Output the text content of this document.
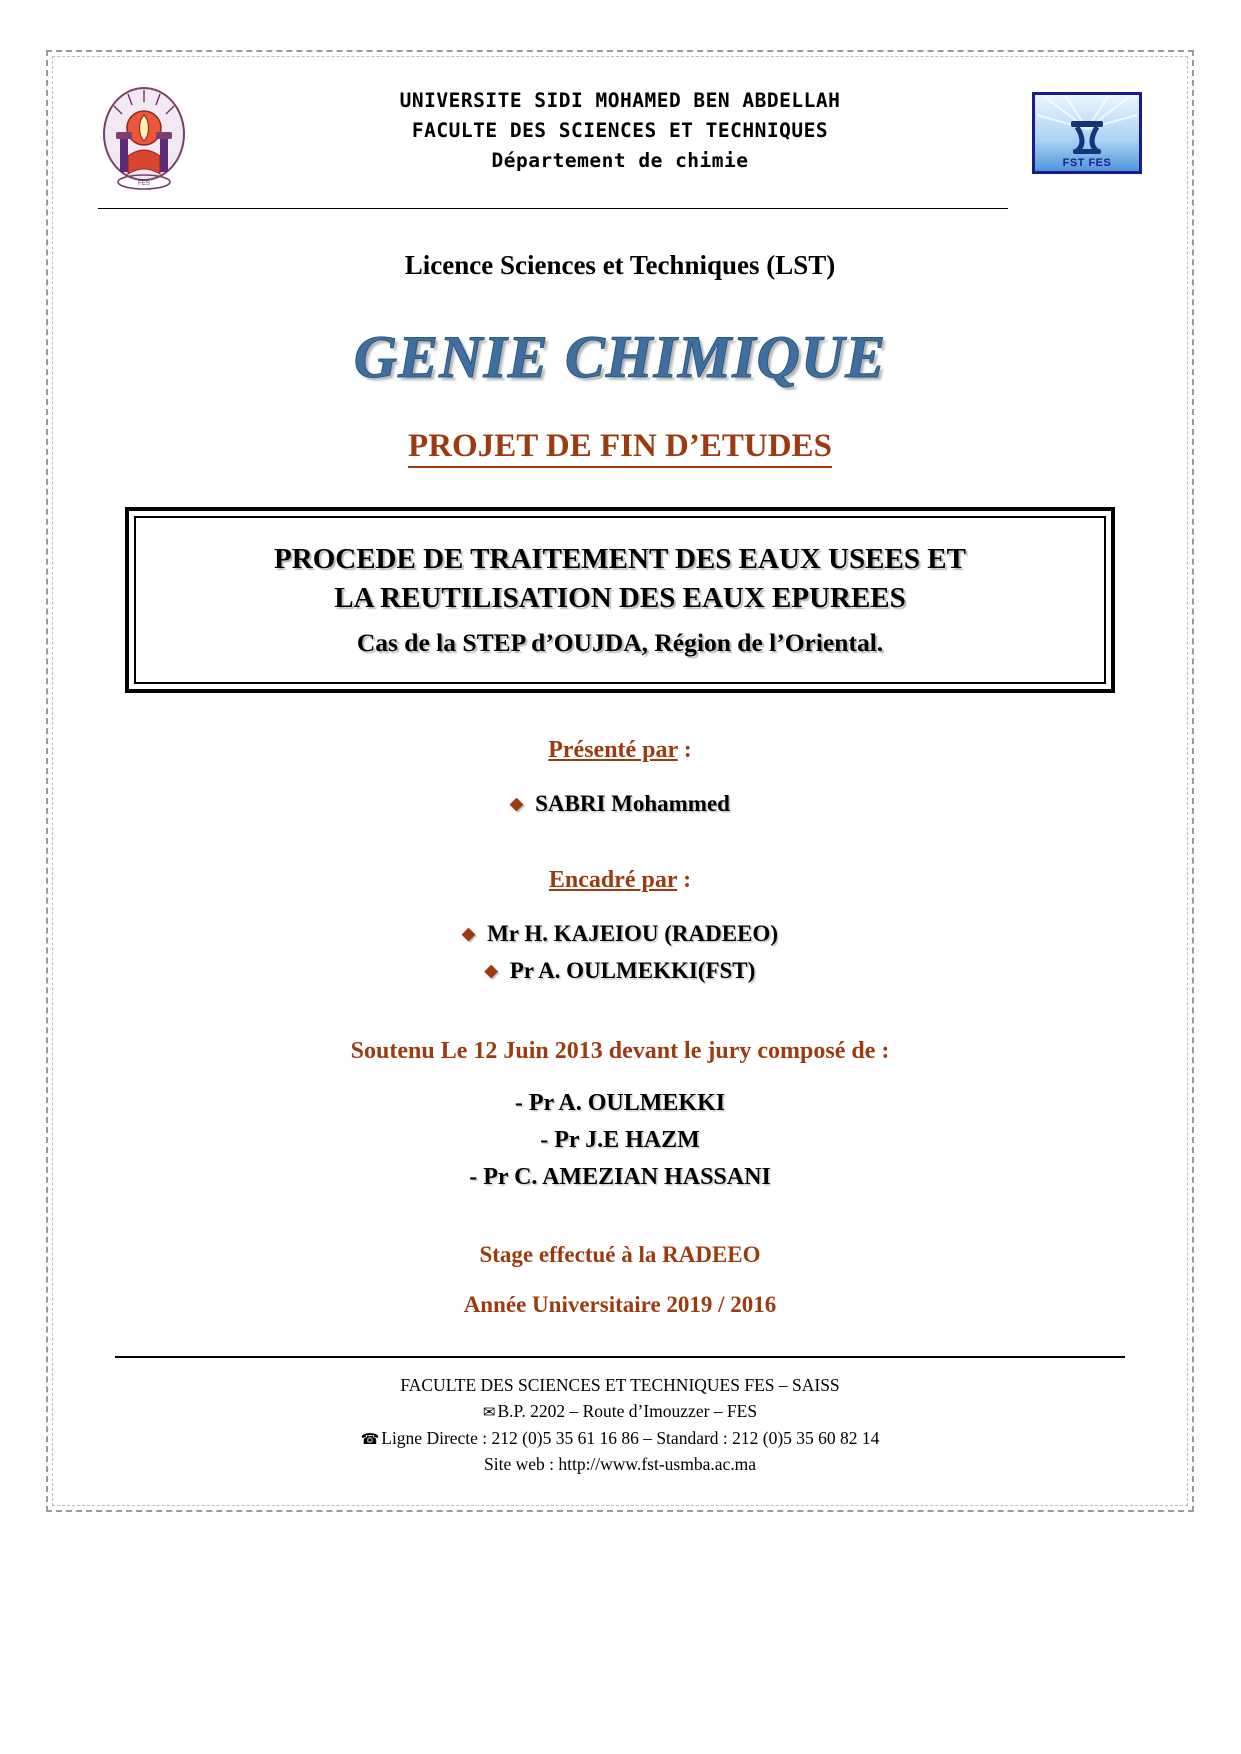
FES
UNIVERSITE SIDI MOHAMED BEN ABDELLAH
FACULTE DES SCIENCES ET TECHNIQUES
Département de chimie	FST FES
Licence Sciences et Techniques (LST)
GENIE CHIMIQUE
PROJET DE FIN D’ETUDES
PROCEDE DE TRAITEMENT DES EAUX USEES ET
LA REUTILISATION DES EAUX EPUREES
Cas de la STEP d’OUJDA, Région de l’Oriental.
Présenté par :
◆ SABRI Mohammed
Encadré par :
◆ Mr H. KAJEIOU (RADEEO)
◆ Pr A. OULMEKKI(FST)
Soutenu Le 12 Juin 2013 devant le jury composé de :
- Pr A. OULMEKKI
- Pr J.E HAZM
- Pr C. AMEZIAN HASSANI
Stage effectué à la RADEEO
Année Universitaire 2019 / 2016
FACULTE DES SCIENCES ET TECHNIQUES FES – SAISS
✉ B.P. 2202 – Route d’Imouzzer – FES
☎ Ligne Directe : 212 (0)5 35 61 16 86 – Standard : 212 (0)5 35 60 82 14
Site web : http://www.fst-usmba.ac.ma
